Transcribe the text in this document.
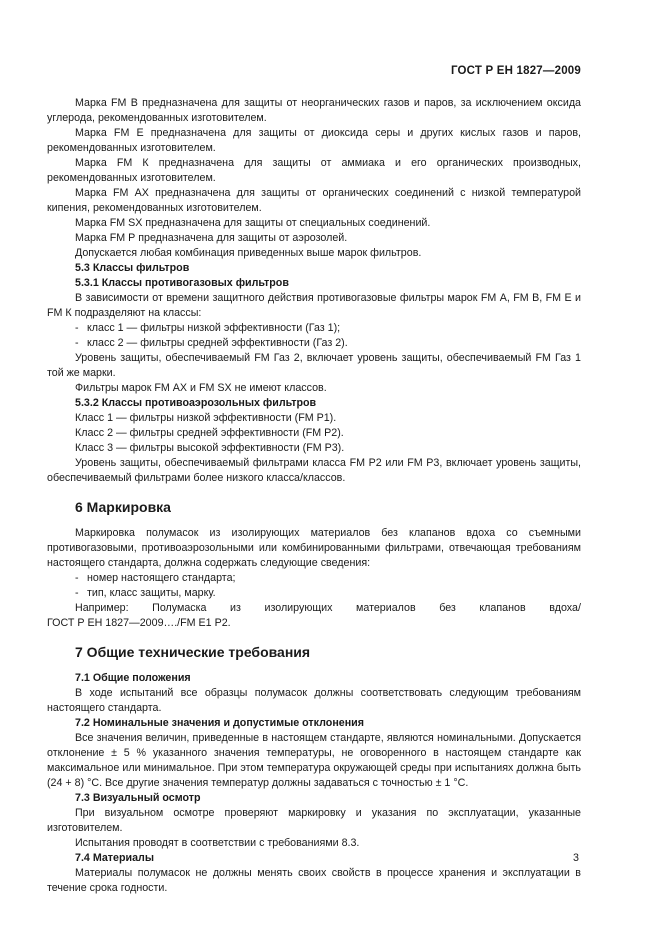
ГОСТ Р ЕН 1827—2009
Марка FM В предназначена для защиты от неорганических газов и паров, за исключением оксида углерода, рекомендованных изготовителем.
Марка FM Е предназначена для защиты от диоксида серы и других кислых газов и паров, рекомендованных изготовителем.
Марка FM К предназначена для защиты от аммиака и его органических производных, рекомендованных изготовителем.
Марка FM АХ предназначена для защиты от органических соединений с низкой температурой кипения, рекомендованных изготовителем.
Марка FM SX предназначена для защиты от специальных соединений.
Марка FM Р предназначена для защиты от аэрозолей.
Допускается любая комбинация приведенных выше марок фильтров.
5.3 Классы фильтров
5.3.1 Классы противогазовых фильтров
В зависимости от времени защитного действия противогазовые фильтры марок FM А, FM В, FM Е и FM К подразделяют на классы:
- класс 1 — фильтры низкой эффективности (Газ 1);
- класс 2 — фильтры средней эффективности (Газ 2).
Уровень защиты, обеспечиваемый FM Газ 2, включает уровень защиты, обеспечиваемый FM Газ 1 той же марки.
Фильтры марок FM АХ и FM SX не имеют классов.
5.3.2 Классы противоаэрозольных фильтров
Класс 1 — фильтры низкой эффективности (FM Р1).
Класс 2 — фильтры средней эффективности (FM Р2).
Класс 3 — фильтры высокой эффективности (FM Р3).
Уровень защиты, обеспечиваемый фильтрами класса FM Р2 или FM Р3, включает уровень защиты, обеспечиваемый фильтрами более низкого класса/классов.
6 Маркировка
Маркировка полумасок из изолирующих материалов без клапанов вдоха со съемными противогазовыми, противоаэрозольными или комбинированными фильтрами, отвечающая требованиям настоящего стандарта, должна содержать следующие сведения:
- номер настоящего стандарта;
- тип, класс защиты, марку.
Например: Полумаска из изолирующих материалов без клапанов вдоха/
ГОСТ Р ЕН 1827—2009…./FM Е1 Р2.
7 Общие технические требования
7.1 Общие положения
В ходе испытаний все образцы полумасок должны соответствовать следующим требованиям настоящего стандарта.
7.2 Номинальные значения и допустимые отклонения
Все значения величин, приведенные в настоящем стандарте, являются номинальными. Допускается отклонение ± 5 % указанного значения температуры, не оговоренного в настоящем стандарте как максимальное или минимальное. При этом температура окружающей среды при испытаниях должна быть (24 + 8) °С. Все другие значения температур должны задаваться с точностью ± 1 °С.
7.3 Визуальный осмотр
При визуальном осмотре проверяют маркировку и указания по эксплуатации, указанные изготовителем.
Испытания проводят в соответствии с требованиями 8.3.
7.4 Материалы
Материалы полумасок не должны менять своих свойств в процессе хранения и эксплуатации в течение срока годности.
3
